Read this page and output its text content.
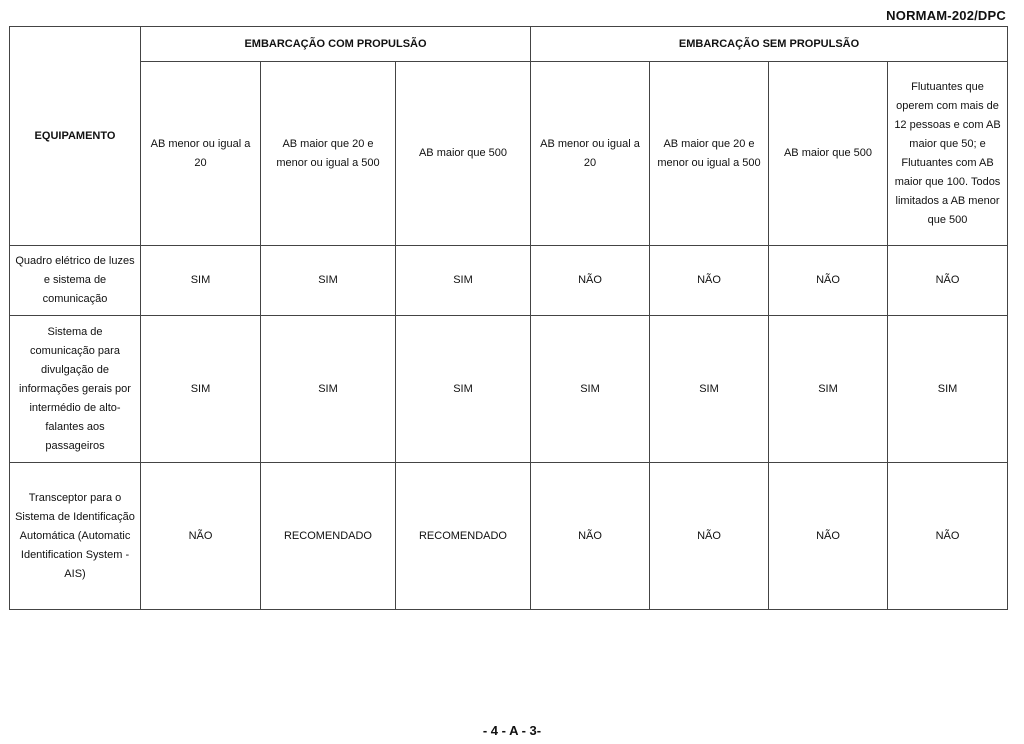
NORMAM-202/DPC
EQUIPAMENTO	EMBARCAÇÃO COM PROPULSÃO			EMBARCAÇÃO SEM PROPULSÃO			
	AB menor ou igual a 20	AB maior que 20 e menor ou igual a 500	AB maior que 500	AB menor ou igual a 20	AB maior que 20 e menor ou igual a 500	AB maior que 500	Flutuantes que operem com mais de 12 pessoas e com AB maior que 50; e Flutuantes com AB maior que 100. Todos limitados a AB menor que 500
Quadro elétrico de luzes e sistema de comunicação	SIM	SIM	SIM	NÃO	NÃO	NÃO	NÃO
Sistema de comunicação para divulgação de informações gerais por intermédio de alto-falantes aos passageiros	SIM	SIM	SIM	SIM	SIM	SIM	SIM
Transceptor para o Sistema de Identificação Automática (Automatic Identification System - AIS)	NÃO	RECOMENDADO	RECOMENDADO	NÃO	NÃO	NÃO	NÃO
- 4 - A - 3-
